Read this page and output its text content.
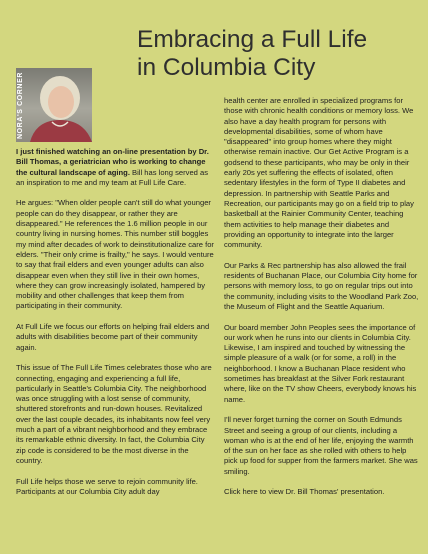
Embracing a Full Life
in Columbia City
NORA'S CORNER

I just finished watching an on-line presentation by Dr. Bill Thomas, a geriatrician who is working to change the cultural landscape of aging. Bill has long served as an inspiration to me and my team at Full Life Care.

He argues: "When older people can't still do what younger people can do they disappear, or rather they are disappeared." He references the 1.6 million people in our country living in nursing homes. This number still boggles my mind after decades of work to deinstitutionalize care for elders. "Their only crime is frailty," he says. I would venture to say that frail elders and even younger adults can also disappear even when they still live in their own homes, where they can grow increasingly isolated, hampered by mobility and other challenges that keep them from participating in their community.

At Full Life we focus our efforts on helping frail elders and adults with disabilities become part of their community again.

This issue of The Full Life Times celebrates those who are connecting, engaging and experiencing a full life, particularly in Seattle's Columbia City. The neighborhood was once struggling with a lost sense of community, shuttered storefronts and run-down houses. Revitalized over the last couple decades, its inhabitants now feel very much a part of a vibrant neighborhood and they embrace its remarkable ethnic diversity. In fact, the Columbia City zip code is considered to be the most diverse in the country.

Full Life helps those we serve to rejoin community life. Participants at our Columbia City adult day

health center are enrolled in specialized programs for those with chronic health conditions or memory loss. We also have a day health program for persons with developmental disabilities, some of whom have "disappeared" into group homes where they might otherwise remain inactive. Our Get Active Program is a godsend to these participants, who may be only in their early 20s yet suffering the effects of isolated, often sedentary lifestyles in the form of Type II diabetes and depression. In partnership with Seattle Parks and Recreation, our participants may go on a field trip to play basketball at the Rainier Community Center, teaching them activities to help manage their diabetes and providing an opportunity to integrate into the larger community.

Our Parks & Rec partnership has also allowed the frail residents of Buchanan Place, our Columbia City home for persons with memory loss, to go on regular trips out into the community, including visits to the Woodland Park Zoo, the Museum of Flight and the Seattle Aquarium.

Our board member John Peoples sees the importance of our work when he runs into our clients in Columbia City. Likewise, I am inspired and touched by witnessing the simple pleasure of a walk (or for some, a roll) in the neighborhood. I know a Buchanan Place resident who sometimes has breakfast at the Silver Fork restaurant where, like on the TV show Cheers, everybody knows his name.

I'll never forget turning the corner on South Edmunds Street and seeing a group of our clients, including a woman who is at the end of her life, enjoying the warmth of the sun on her face as she rolled with others to help pick up food for supper from the farmers market. She was smiling.

Click here to view Dr. Bill Thomas' presentation.
